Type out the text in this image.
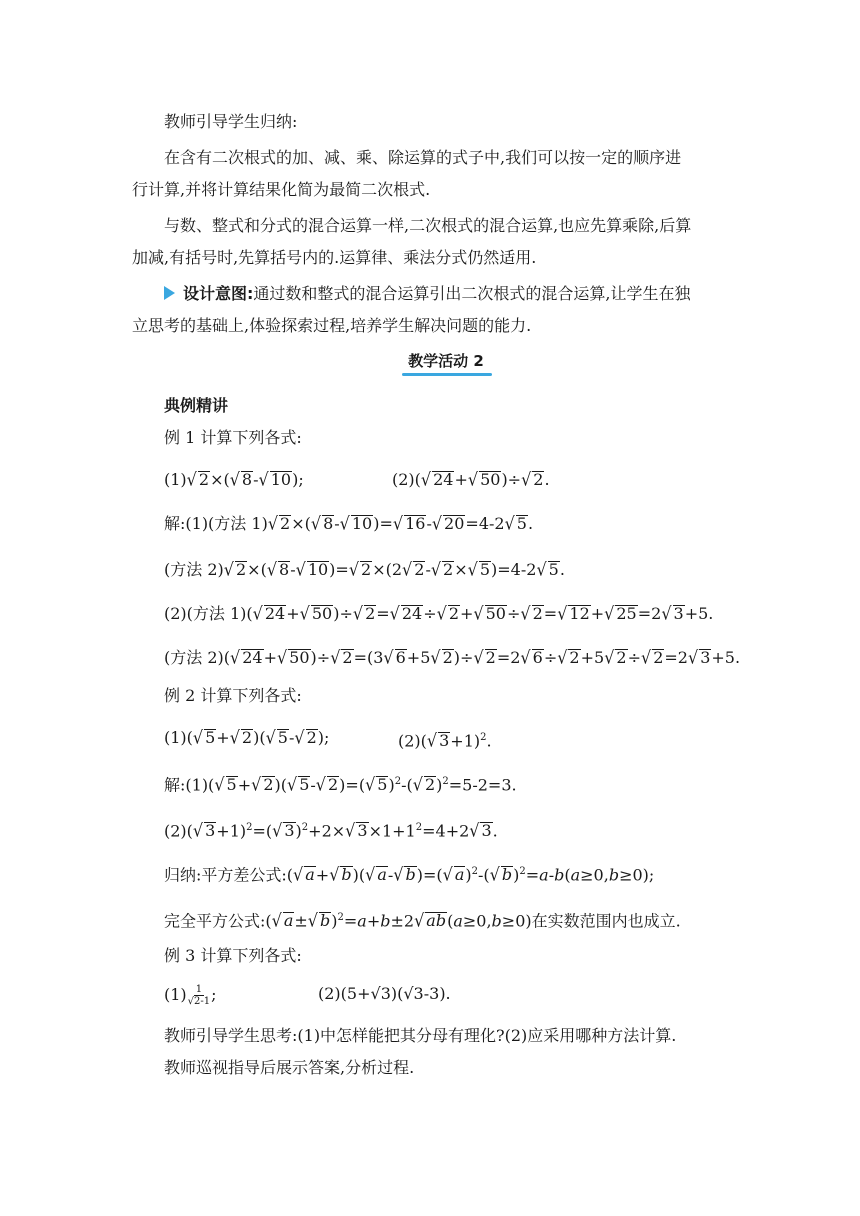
教师引导学生归纳:
在含有二次根式的加、减、乘、除运算的式子中,我们可以按一定的顺序进
行计算,并将计算结果化简为最简二次根式.
与数、整式和分式的混合运算一样,二次根式的混合运算,也应先算乘除,后算
加减,有括号时,先算括号内的.运算律、乘法分式仍然适用.
设计意图:通过数和整式的混合运算引出二次根式的混合运算,让学生在独
立思考的基础上,体验探索过程,培养学生解决问题的能力.
教学活动 2
典例精讲
例 1 计算下列各式:
(1)√ 2×(√ 8-√ 10);	(2)(√ 24+√ 50)÷√ 2.
解:(1)(方法 1)√ 2×(√ 8-√ 10)=√ 16-√ 20=4-2√ 5.
(方法 2)√ 2×(√ 8-√ 10)=√ 2×(2√ 2-√ 2×√ 5)=4-2√ 5.
(2)(方法 1)(√ 24+√ 50)÷√ 2=√ 24÷√ 2+√ 50÷√ 2=√ 12+√ 25=2√ 3+5.
(方法 2)(√ 24+√ 50)÷√ 2=(3√ 6+5√ 2)÷√ 2=2√ 6÷√ 2+5√ 2÷√ 2=2√ 3+5.
例 2 计算下列各式:
(1)(√ 5+√ 2)(√ 5-√ 2);	(2)(√ 3+1)$^2$.
解:(1)(√ 5+√ 2)(√ 5-√ 2)=(√ 5)$^2$-(√ 2)$^2$=5-2=3.
(2)(√ 3+1)$^2$=(√ 3)$^2$+2×√ $3\times 1+1^2=4+2√$ 3.
归纳:平方差公式:(√ a+√ b)(√ a-√ b)=(√ a)$^2$-(√ b)$^2$=a-b(a≥0,b≥0);
完全平方公式:(√ a±√ b)$^2$=a+b±2√ ab(a≥0,b≥0)在实数范围内也成立.
例 3 计算下列各式:
$(1) \frac{1}{√2-1}$ ;	(2)(5+√3)(√3-3).
教师引导学生思考:(1)中怎样能把其分母有理化?(2)应采用哪种方法计算.
教师巡视指导后展示答案,分析过程.
